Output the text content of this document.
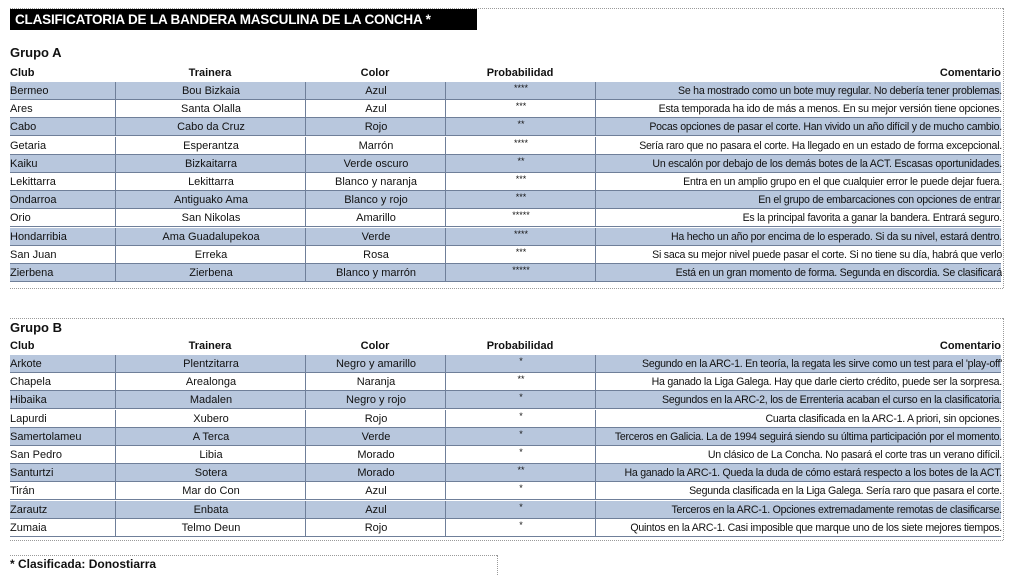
CLASIFICATORIA DE LA BANDERA MASCULINA DE LA CONCHA *
Grupo A
Club	Trainera	Color	Probabilidad	Comentario
Bermeo	Bou Bizkaia	Azul	****	Se ha mostrado como un bote muy regular. No debería tener problemas.
Ares	Santa Olalla	Azul	***	Esta temporada ha ido de más a menos. En su mejor versión tiene opciones.
Cabo	Cabo da Cruz	Rojo	**	Pocas opciones de pasar el corte. Han vivido un año difícil y de mucho cambio.
Getaria	Esperantza	Marrón	****	Sería raro que no pasara el corte. Ha llegado en un estado de forma excepcional.
Kaiku	Bizkaitarra	Verde oscuro	**	Un escalón por debajo de los demás botes de la ACT. Escasas oportunidades.
Lekittarra	Lekittarra	Blanco y naranja	***	Entra en un amplio grupo en el que cualquier error le puede dejar fuera.
Ondarroa	Antiguako Ama	Blanco y rojo	***	En el grupo de embarcaciones con opciones de entrar.
Orio	San Nikolas	Amarillo	*****	Es la principal favorita a ganar la bandera. Entrará seguro.
Hondarribia	Ama Guadalupekoa	Verde	****	Ha hecho un año por encima de lo esperado. Si da su nivel, estará dentro.
San Juan	Erreka	Rosa	***	Si saca su mejor nivel puede pasar el corte. Si no tiene su día, habrá que verlo
Zierbena	Zierbena	Blanco y marrón	*****	Está en un gran momento de forma. Segunda en discordia. Se clasificará
Grupo B
Club	Trainera	Color	Probabilidad	Comentario
Arkote	Plentzitarra	Negro y amarillo	*	Segundo en la ARC-1. En teoría, la regata les sirve como un test para el 'play-off'
Chapela	Arealonga	Naranja	**	Ha ganado la Liga Galega. Hay que darle cierto crédito, puede ser la sorpresa.
Hibaika	Madalen	Negro y rojo	*	Segundos en la ARC-2, los de Errenteria acaban el curso en la clasificatoria.
Lapurdi	Xubero	Rojo	*	Cuarta clasificada en la ARC-1. A priori, sin opciones.
Samertolameu	A Terca	Verde	*	Terceros en Galicia. La de 1994 seguirá siendo su última participación por el momento.
San Pedro	Libia	Morado	*	Un clásico de La Concha. No pasará el corte tras un verano difícil.
Santurtzi	Sotera	Morado	**	Ha ganado la ARC-1. Queda la duda de cómo estará respecto a los botes de la ACT.
Tirán	Mar do Con	Azul	*	Segunda clasificada en la Liga Galega. Sería raro que pasara el corte.
Zarautz	Enbata	Azul	*	Terceros en la ARC-1. Opciones extremadamente remotas de clasificarse.
Zumaia	Telmo Deun	Rojo	*	Quintos en la ARC-1. Casi imposible que marque uno de los siete mejores tiempos.
* Clasificada: Donostiarra
